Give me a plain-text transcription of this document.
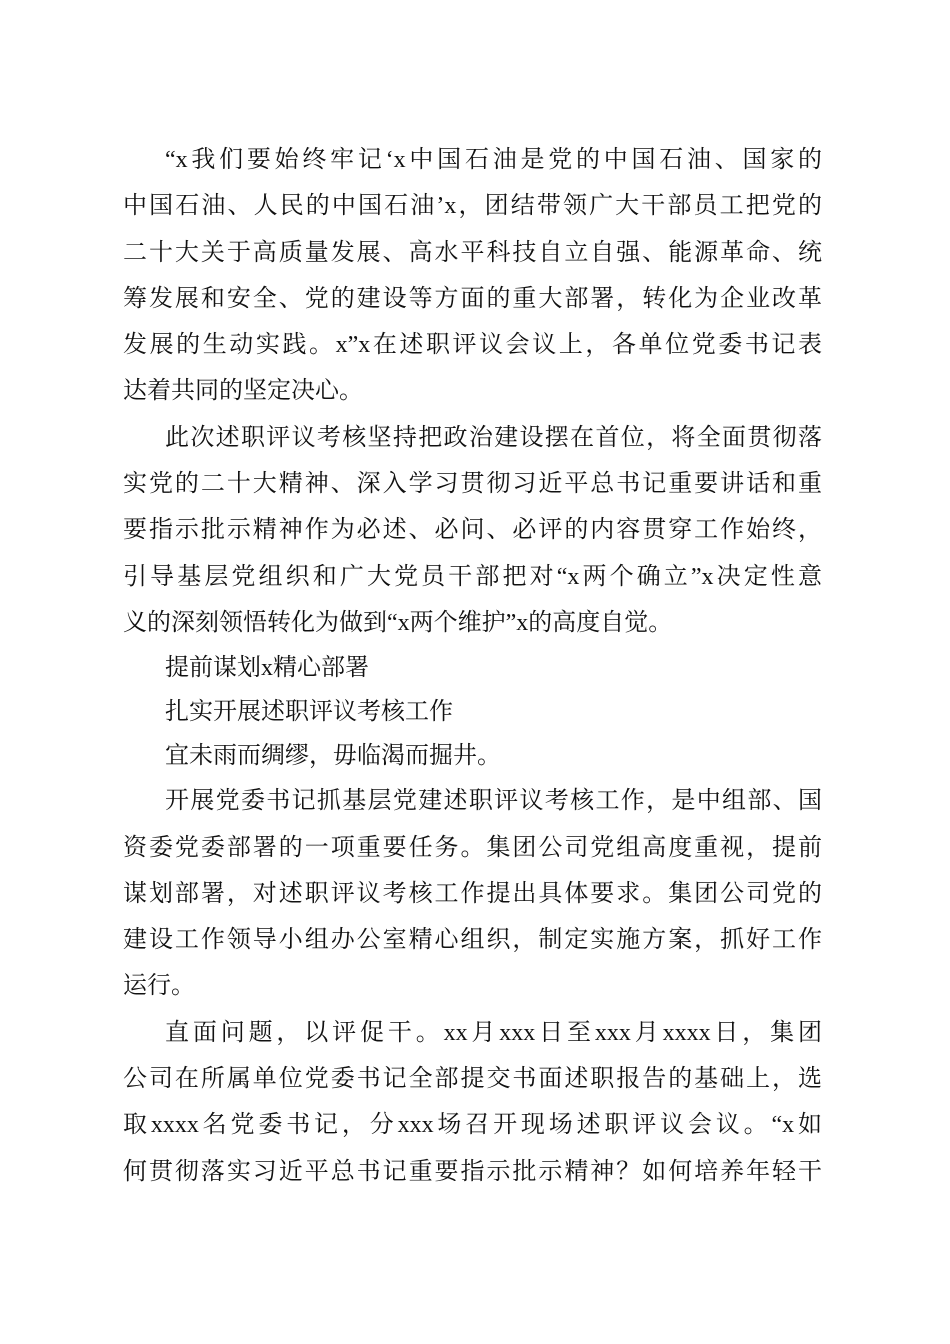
“x我们要始终牢记‘x中国石油是党的中国石油、国家的
中国石油、人民的中国石油’x，团结带领广大干部员工把党的
二十大关于高质量发展、高水平科技自立自强、能源革命、统
筹发展和安全、党的建设等方面的重大部署，转化为企业改革
发展的生动实践。x”x在述职评议会议上，各单位党委书记表
达着共同的坚定决心。
此次述职评议考核坚持把政治建设摆在首位，将全面贯彻落
实党的二十大精神、深入学习贯彻习近平总书记重要讲话和重
要指示批示精神作为必述、必问、必评的内容贯穿工作始终，
引导基层党组织和广大党员干部把对“x两个确立”x决定性意
义的深刻领悟转化为做到“x两个维护”x的高度自觉。
提前谋划x精心部署
扎实开展述职评议考核工作
宜未雨而绸缪，毋临渴而掘井。
开展党委书记抓基层党建述职评议考核工作，是中组部、国
资委党委部署的一项重要任务。集团公司党组高度重视，提前
谋划部署，对述职评议考核工作提出具体要求。集团公司党的
建设工作领导小组办公室精心组织，制定实施方案，抓好工作
运行。
直面问题，以评促干。xx月xxx日至xxx月xxxx日，集团
公司在所属单位党委书记全部提交书面述职报告的基础上，选
取xxxx名党委书记，分xxx场召开现场述职评议会议。“x如
何贯彻落实习近平总书记重要指示批示精神？如何培养年轻干
